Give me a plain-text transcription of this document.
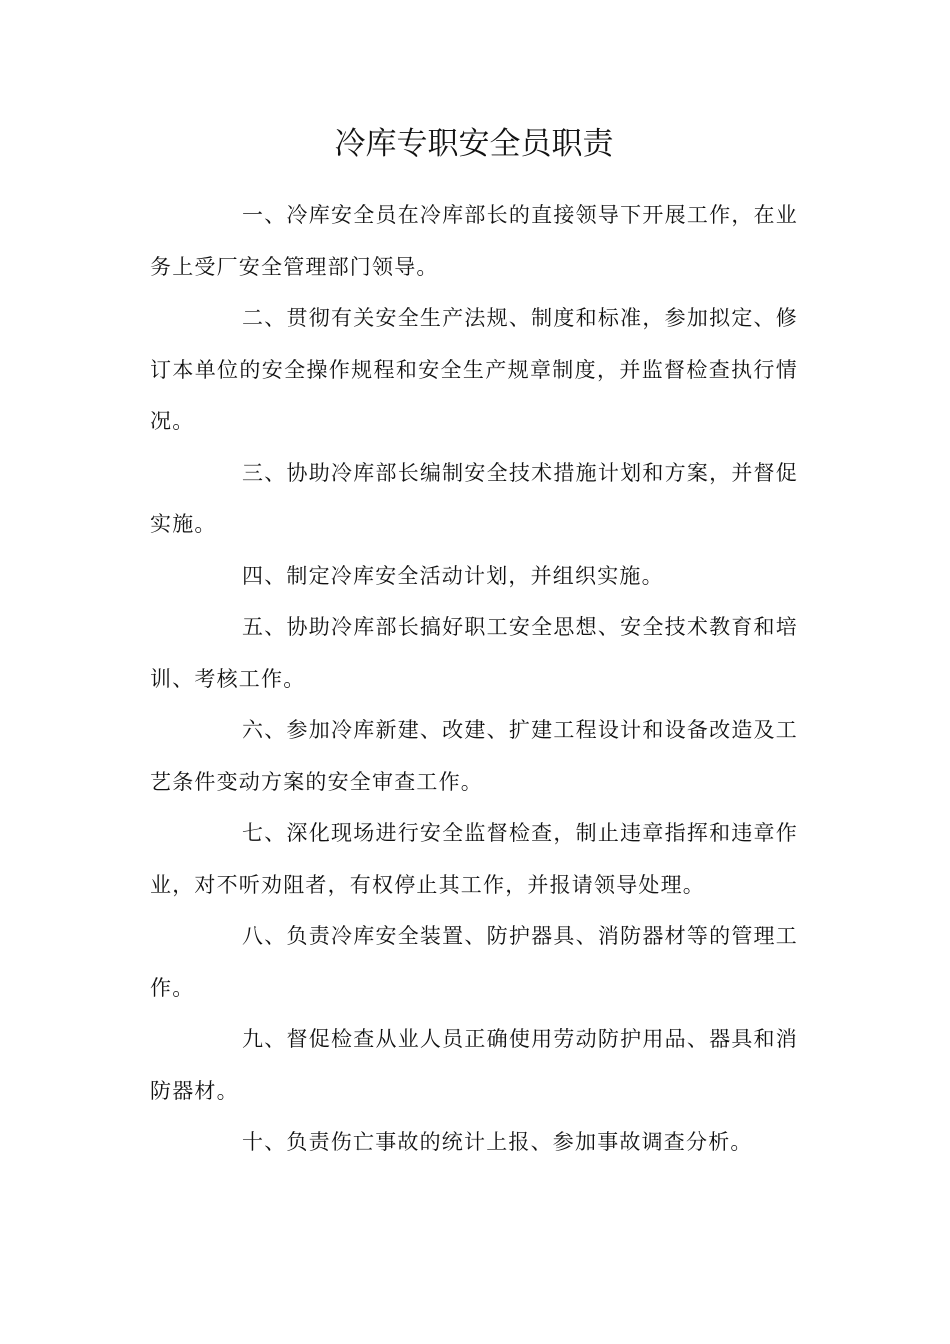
冷库专职安全员职责

一、冷库安全员在冷库部长的直接领导下开展工作，在业务上受厂安全管理部门领导。

二、贯彻有关安全生产法规、制度和标准，参加拟定、修订本单位的安全操作规程和安全生产规章制度，并监督检查执行情况。

三、协助冷库部长编制安全技术措施计划和方案，并督促实施。

四、制定冷库安全活动计划，并组织实施。

五、协助冷库部长搞好职工安全思想、安全技术教育和培训、考核工作。

六、参加冷库新建、改建、扩建工程设计和设备改造及工艺条件变动方案的安全审查工作。

七、深化现场进行安全监督检查，制止违章指挥和违章作业，对不听劝阻者，有权停止其工作，并报请领导处理。

八、负责冷库安全装置、防护器具、消防器材等的管理工作。

九、督促检查从业人员正确使用劳动防护用品、器具和消防器材。

十、负责伤亡事故的统计上报、参加事故调查分析。
